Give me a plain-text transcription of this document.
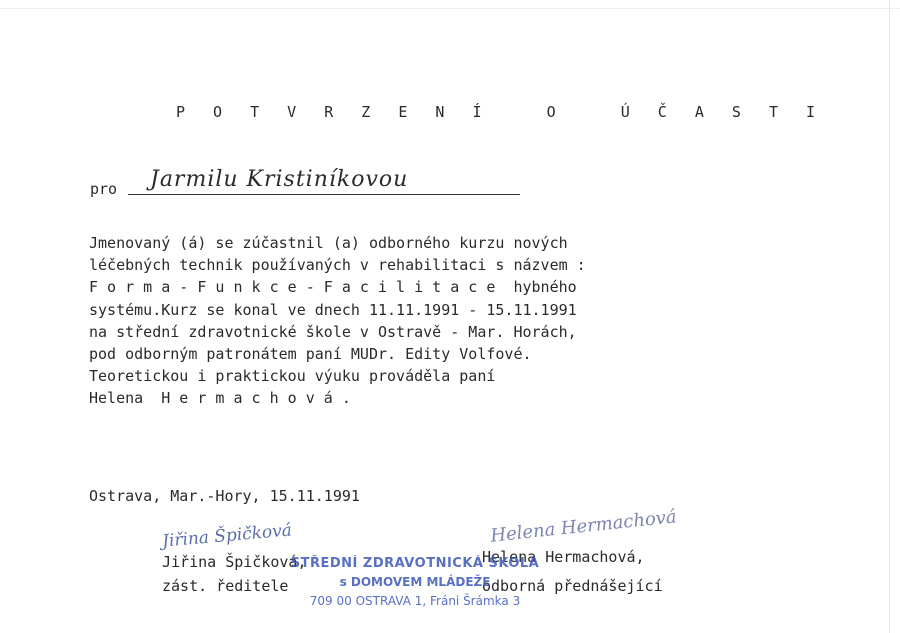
P O T V R Z E N Í   O   Ú Č A S T I
pro Jarmilu Kristiníkovou
Jmenovaný (á) se zúčastnil (a) odborného kurzu nových
léčebných technik používaných v rehabilitaci s názvem :
F o r m a - F u n k c e - F a c i l i t a c e  hybného
systému.Kurz se konal ve dnech 11.11.1991 - 15.11.1991
na střední zdravotnické škole v Ostravě - Mar. Horách,
pod odborným patronátem paní MUDr. Edity Volfové.
Teoretickou i praktickou výuku prováděla paní
Helena  H e r m a c h o v á .
Ostrava, Mar.-Hory, 15.11.1991
Jiřina Špičková	Helena Hermachová
Jiřina Špičková,
zást. ředitele
Helena Hermachová,
odborná přednášející
STŘEDNÍ ZDRAVOTNICKÁ ŠKOLA
s DOMOVEM MLÁDEŽE
709 00 OSTRAVA 1, Fráni Šrámka 3
